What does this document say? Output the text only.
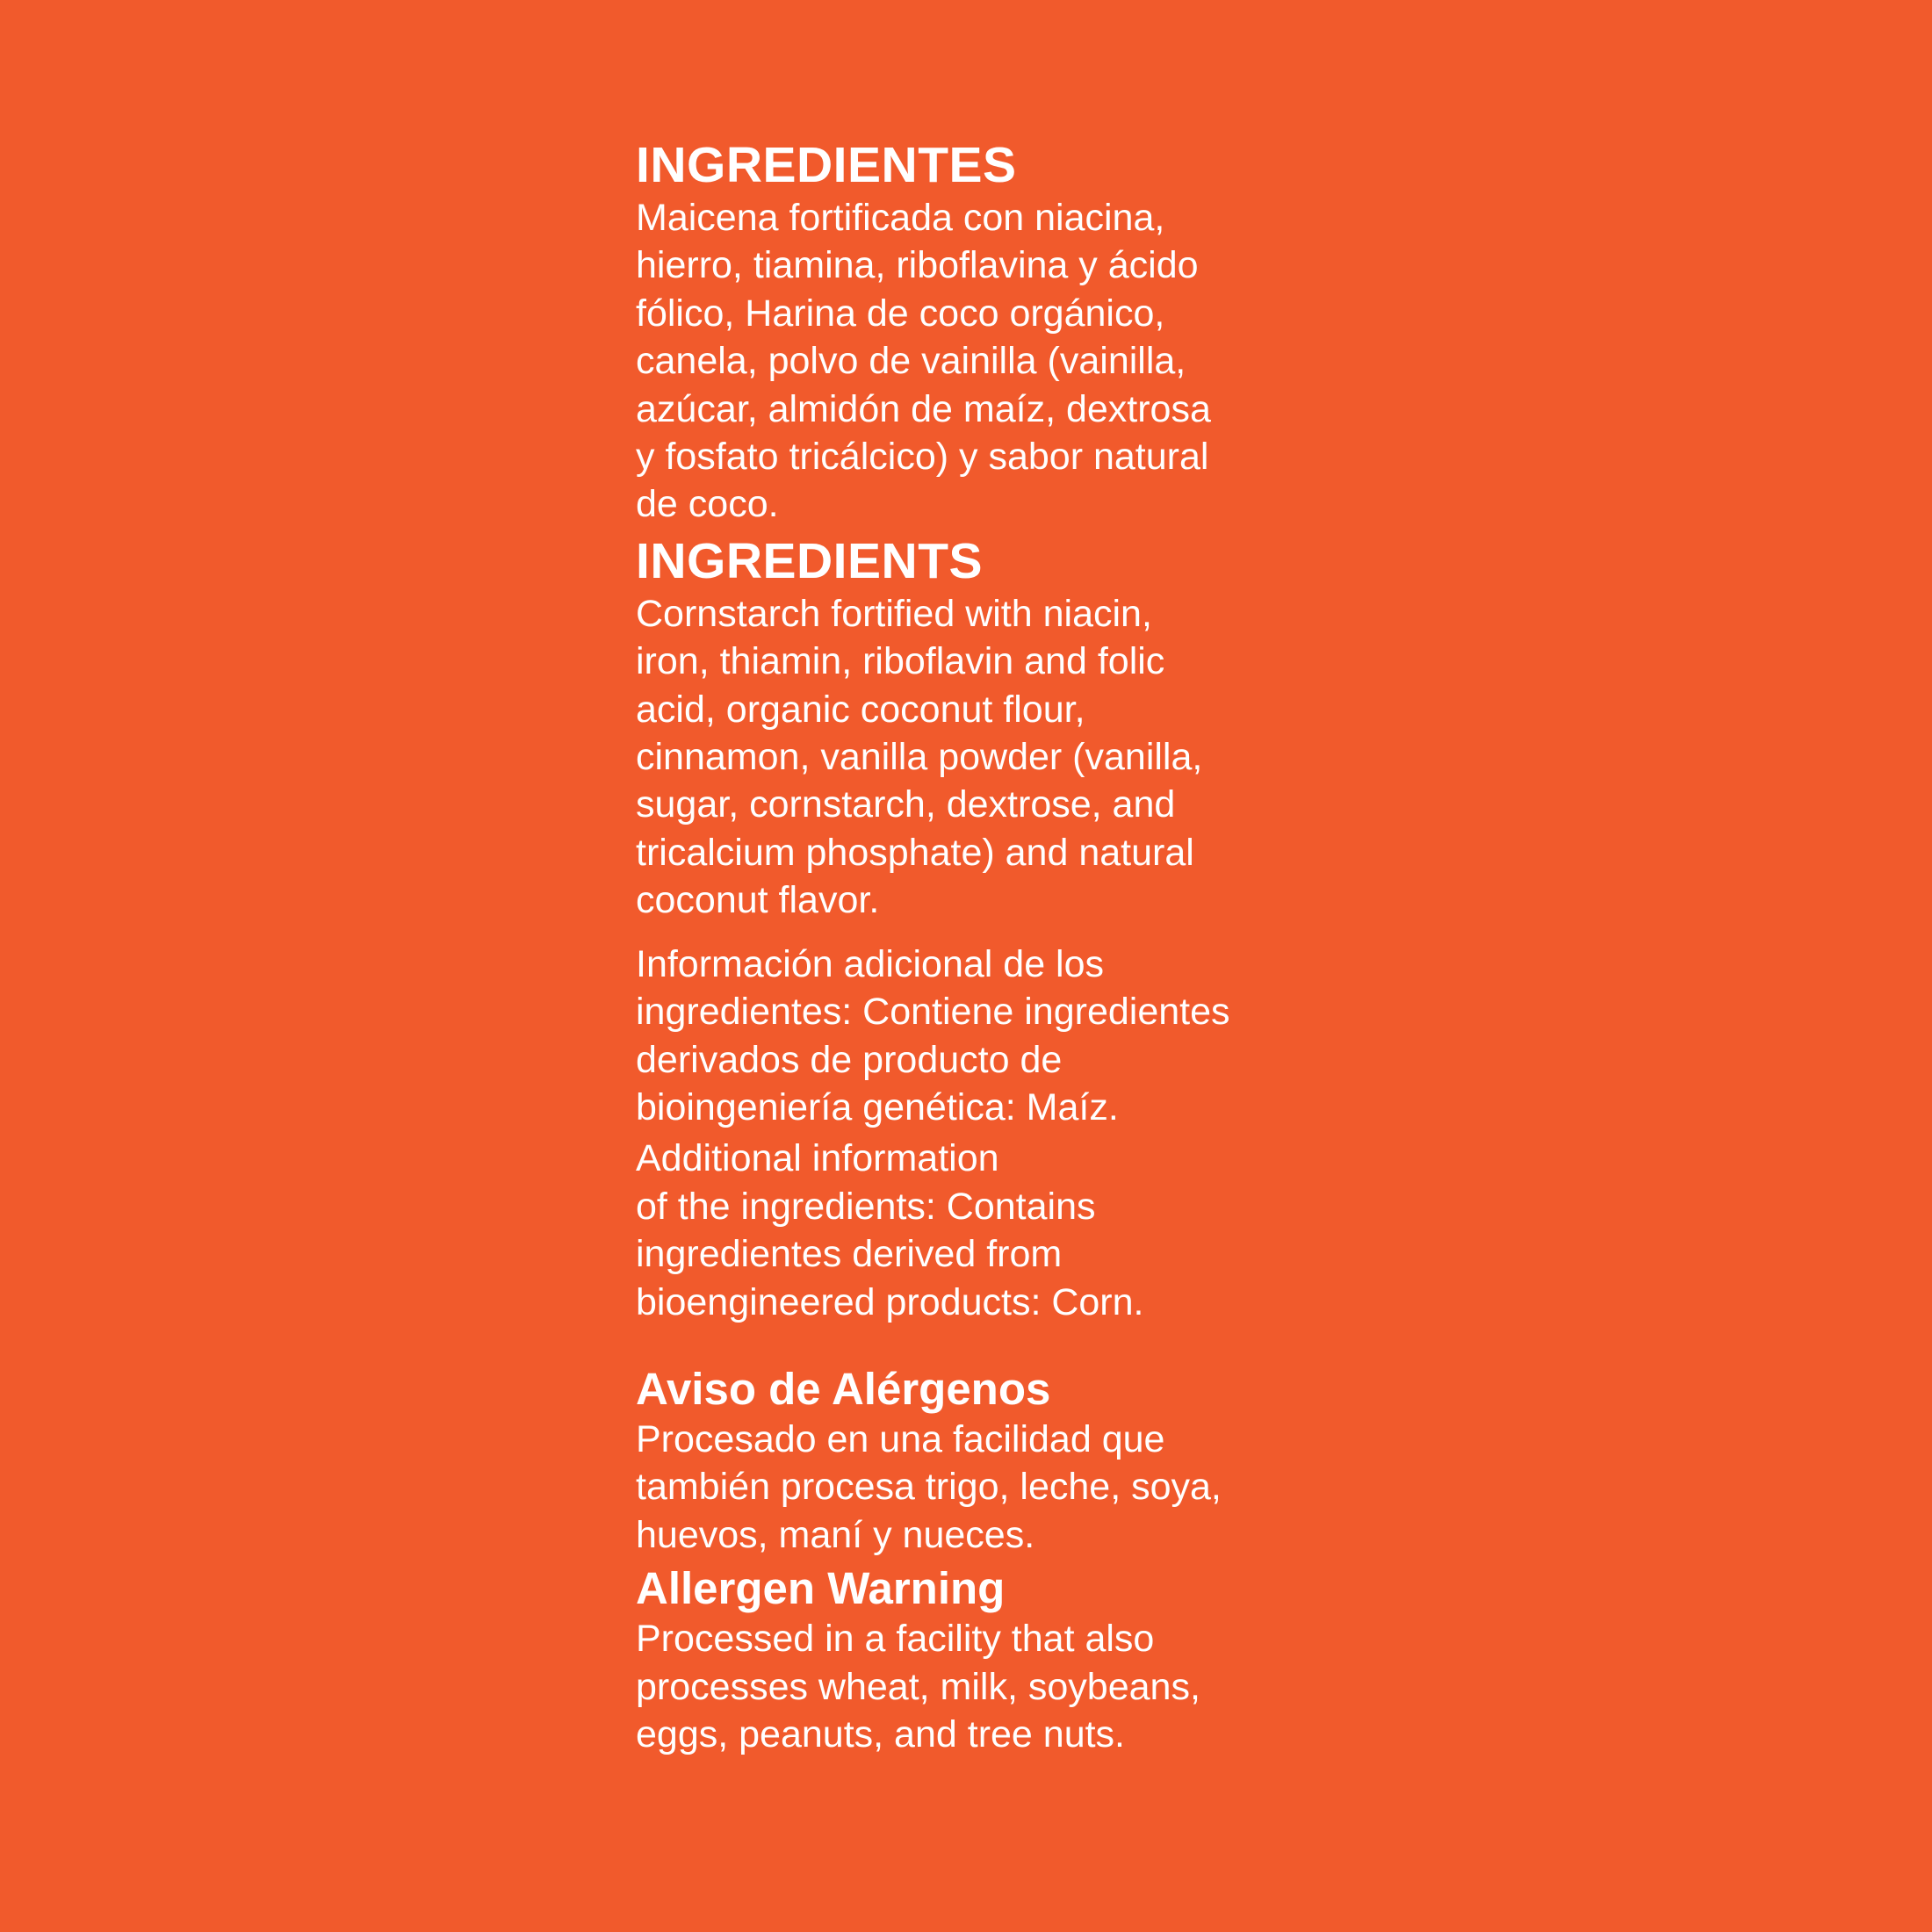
INGREDIENTES
Maicena fortificada con niacina,
hierro, tiamina, riboflavina y ácido
fólico, Harina de coco orgánico,
canela, polvo de vainilla (vainilla,
azúcar, almidón de maíz, dextrosa
y fosfato tricálcico) y sabor natural
de coco.
INGREDIENTS
Cornstarch fortified with niacin,
iron, thiamin, riboflavin and folic
acid, organic coconut flour,
cinnamon, vanilla powder (vanilla,
sugar, cornstarch, dextrose, and
tricalcium phosphate) and natural
coconut flavor.
Información adicional de los
ingredientes: Contiene ingredientes
derivados de producto de
bioingeniería genética: Maíz.
Additional information
of the ingredients: Contains
ingredientes derived from
bioengineered products: Corn.
Aviso de Alérgenos
Procesado en una facilidad que
también procesa trigo, leche, soya,
huevos, maní y nueces.
Allergen Warning
Processed in a facility that also
processes wheat, milk, soybeans,
eggs, peanuts, and tree nuts.
